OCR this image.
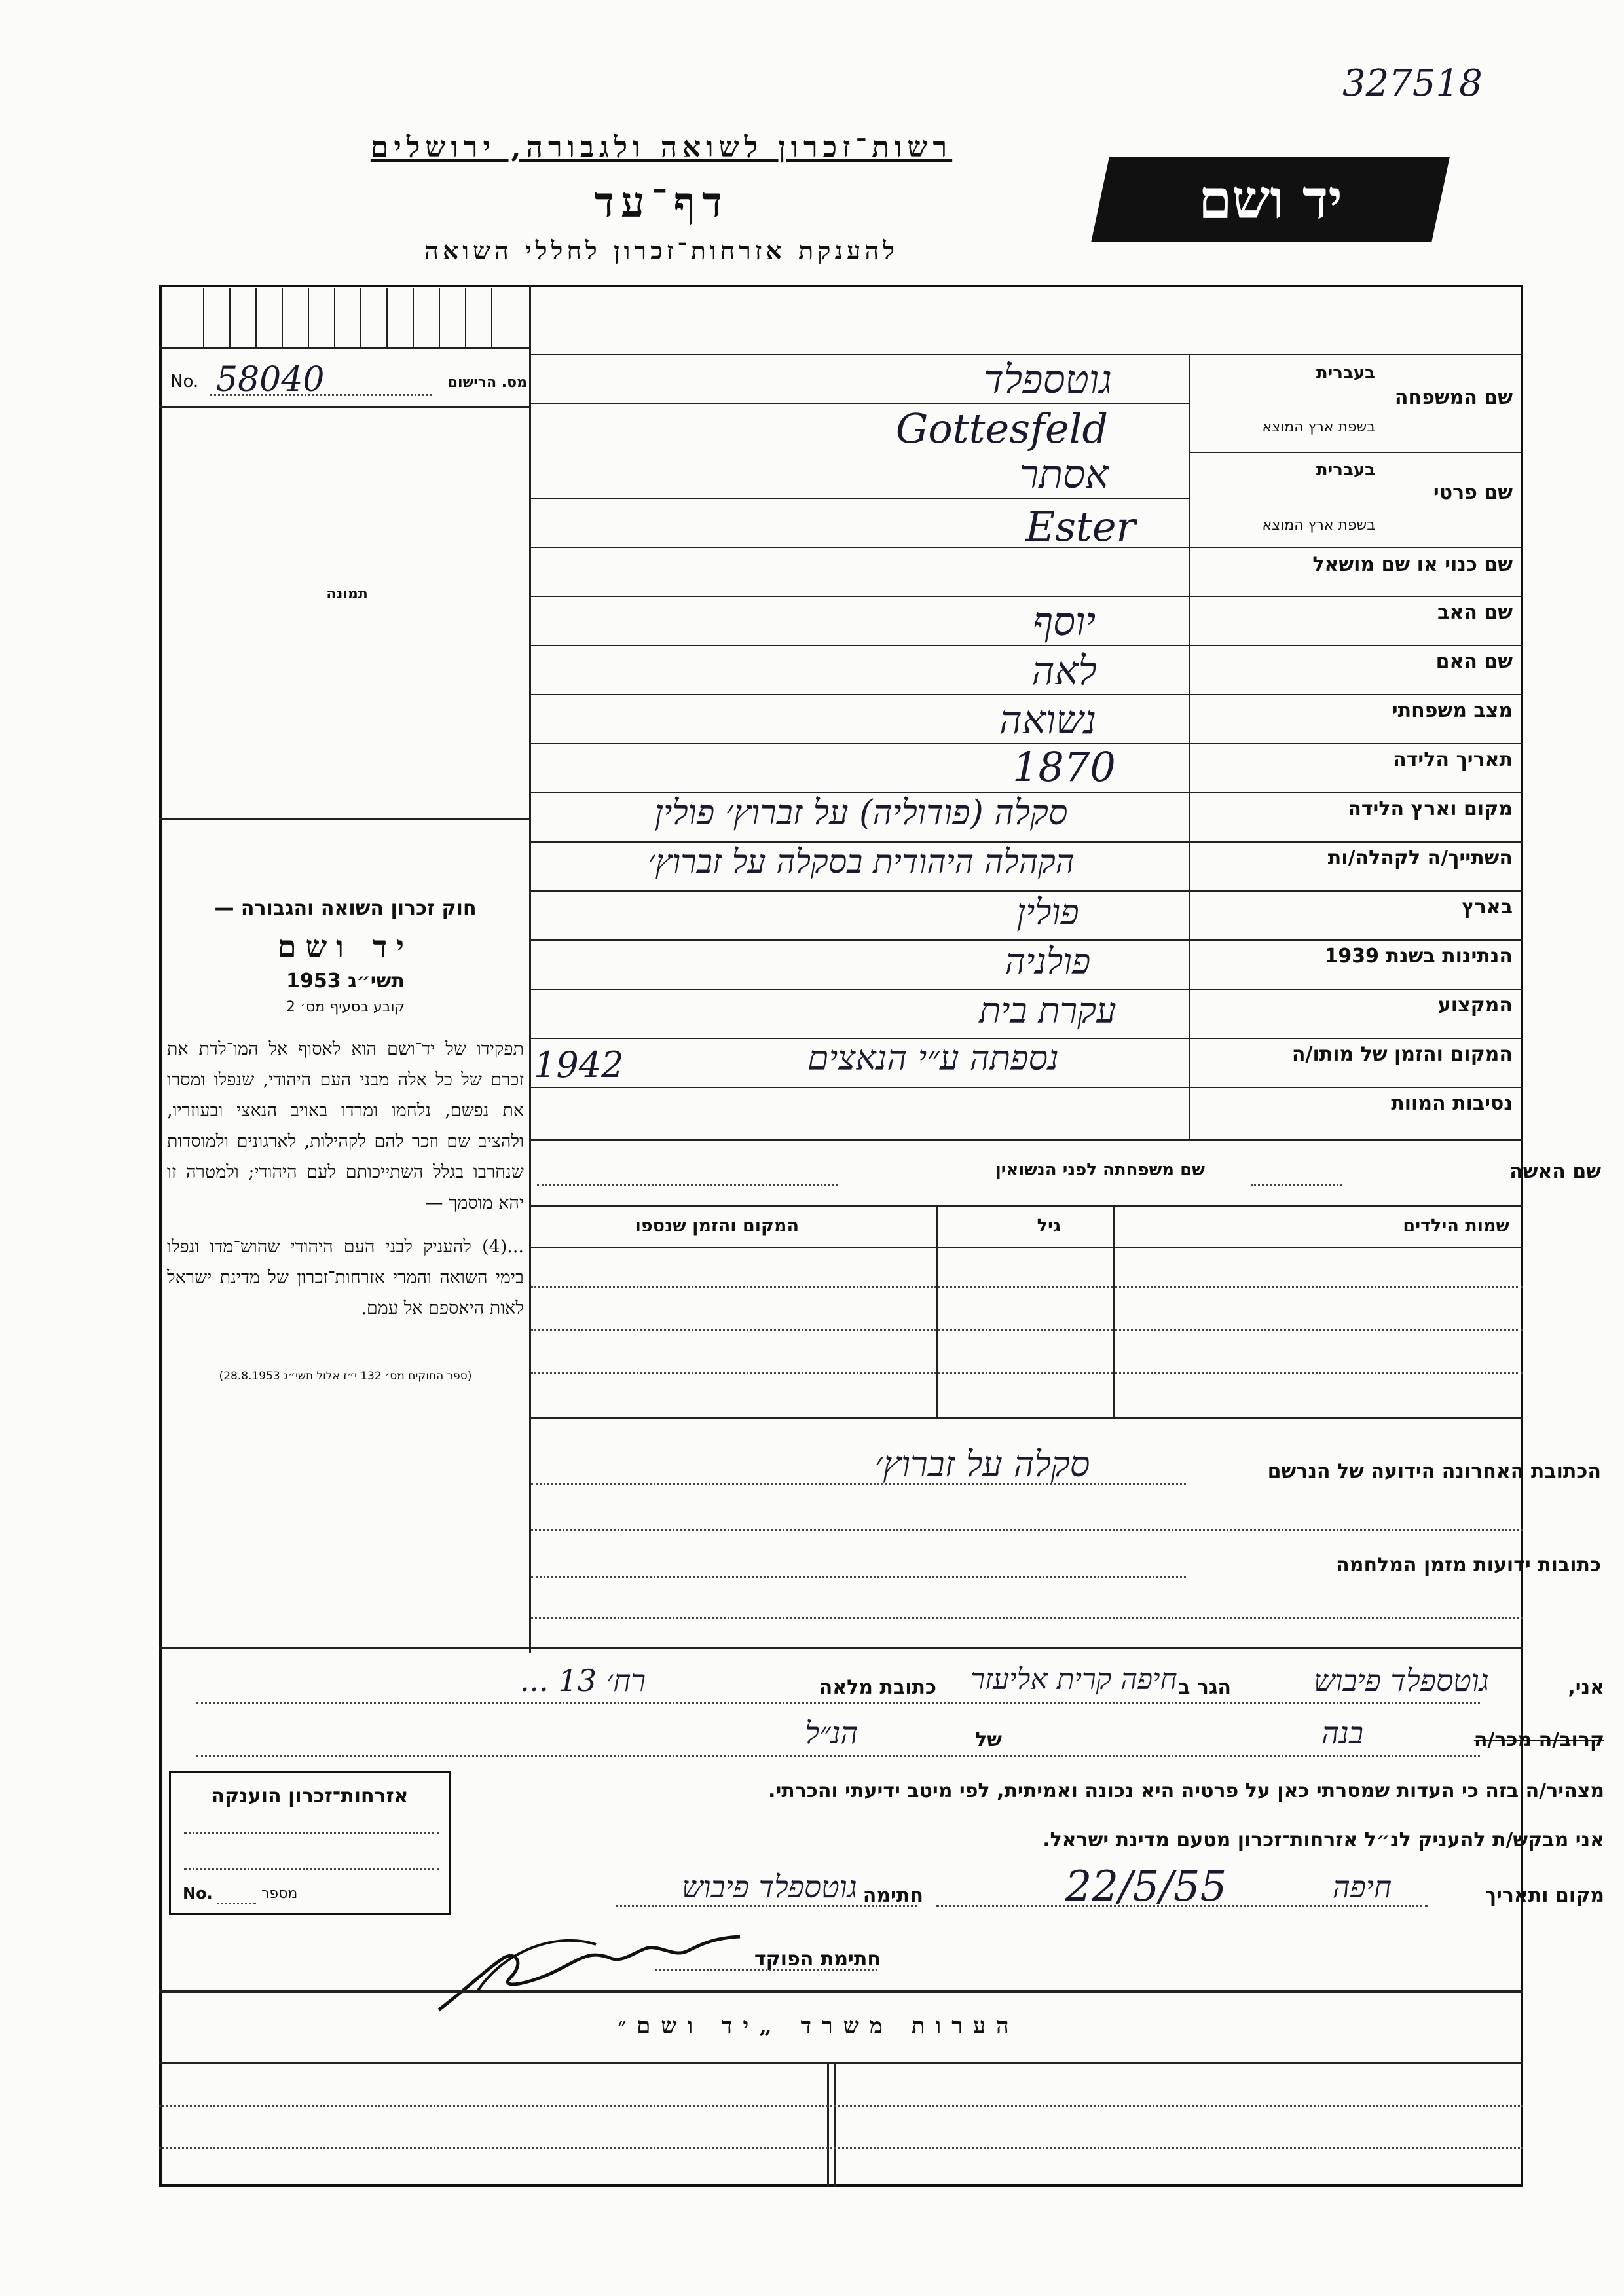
327518
רשות־זכרון לשואה ולגבורה, ירושלים
דף־עד
להענקת אזרחות־זכרון לחללי השואה
יד ושם
No. 58040	מס. הרישום
תמונה
חוק זכרון השואה והגבורה —
יד ושם
תשי״ג 1953
קובע בסעיף מס׳ 2
תפקידו של יד־ושם הוא לאסוף אל המו־לדת את זכרם של כל אלה מבני העם היהודי, שנפלו ומסרו את נפשם, נלחמו ומרדו באויב הנאצי ובעוזריו, ולהציב שם וזכר להם לקהילות, לארגונים ולמוסדות שנחרבו בגלל השתייכותם לעם היהודי; ולמטרה זו יהא מוסמך —
...(4) להעניק לבני העם היהודי שהוש־מדו ונפלו בימי השואה והמרי אזרחות־זכרון של מדינת ישראל לאות היאספם אל עמם.
(ספר החוקים מס׳ 132 י״ז אלול תשי״ג 28.8.1953)
שם המשפחה
בעברית
בשפת ארץ המוצא
גוטספלד
Gottesfeld
שם פרטי
בעברית
בשפת ארץ המוצא
אסתר
Ester
שם כנוי או שם מושאל
שם האב
יוסף
שם האם
לאה
מצב משפחתי
נשואה
תאריך הלידה
1870
מקום וארץ הלידה
סקלה (פודוליה) על זברוץ׳ פולין
השתייך/ה לקהלה/ות
הקהלה היהודית בסקלה על זברוץ׳
בארץ
פולין
הנתינות בשנת 1939
פולניה
המקצוע
עקרת בית
המקום והזמן של מותו/ה
נספתה ע״י הנאצים
1942
נסיבות המוות
שם האשה
שם משפחתה לפני הנשואין
שמות הילדים
גיל
המקום והזמן שנספו
הכתובת האחרונה הידועה של הנרשם
סקלה על זברוץ׳
כתובות ידועות מזמן המלחמה
אני,
גוטספלד פיבוש
הגר ב
חיפה קרית אליעזר
כתובת מלאה
רח׳ 13 ...
קרוב/ה מכר/ה
בנה
של
הנ״ל
מצהיר/ה בזה כי העדות שמסרתי כאן על פרטיה היא נכונה ואמיתית, לפי מיטב ידיעתי והכרתי.
אני מבקש/ת להעניק לנ״ל אזרחות־זכרון מטעם מדינת ישראל.
מקום ותאריך
חיפה
22/5/55
חתימה
גוטספלד פיבוש
חתימת הפוקד
אזרחות־זכרון הוענקה
No.	מספר
הערות משרד „יד ושם״
